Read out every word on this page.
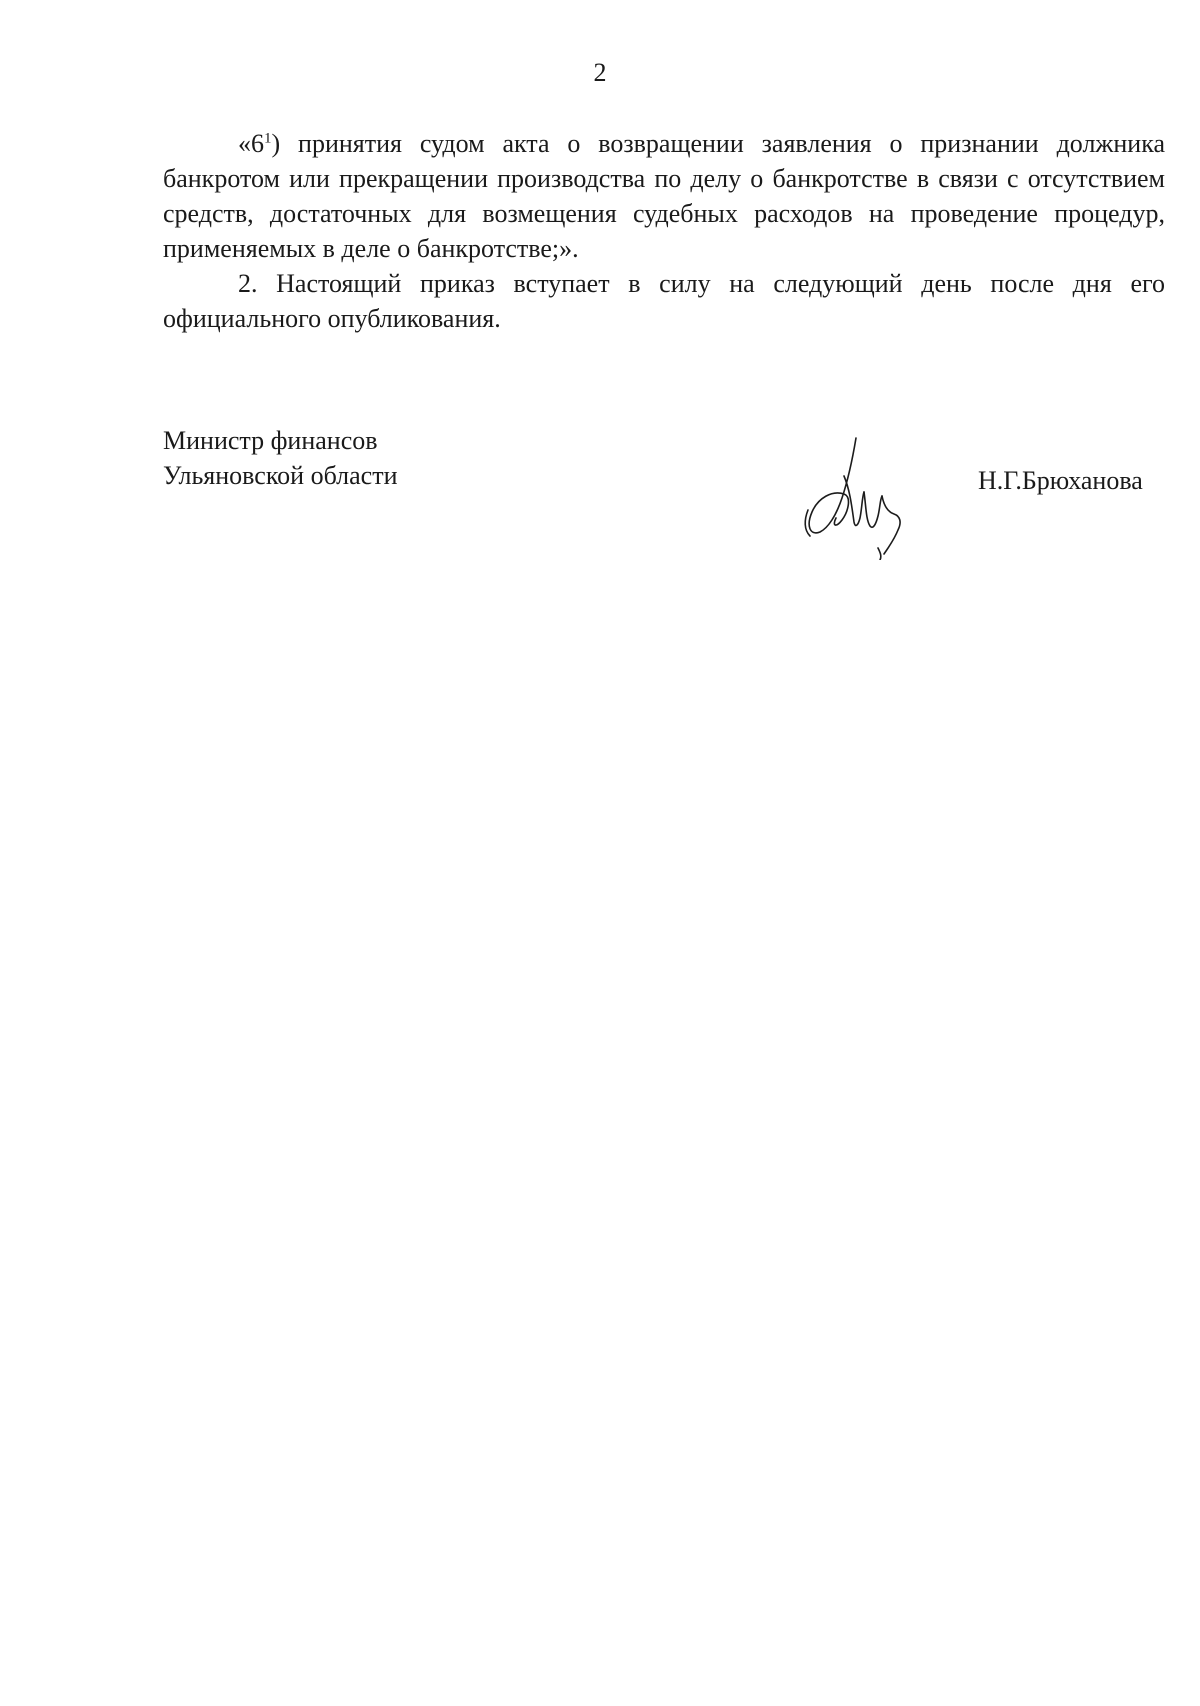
2

«$6^1$) принятия судом акта о возвращении заявления о признании должника банкротом или прекращении производства по делу о банкротстве в связи с отсутствием средств, достаточных для возмещения судебных расходов на проведение процедур, применяемых в деле о банкротстве;».

2. Настоящий приказ вступает в силу на следующий день после дня его официального опубликования.

Министр финансов
Ульяновской области	Н.Г.Брюханова
